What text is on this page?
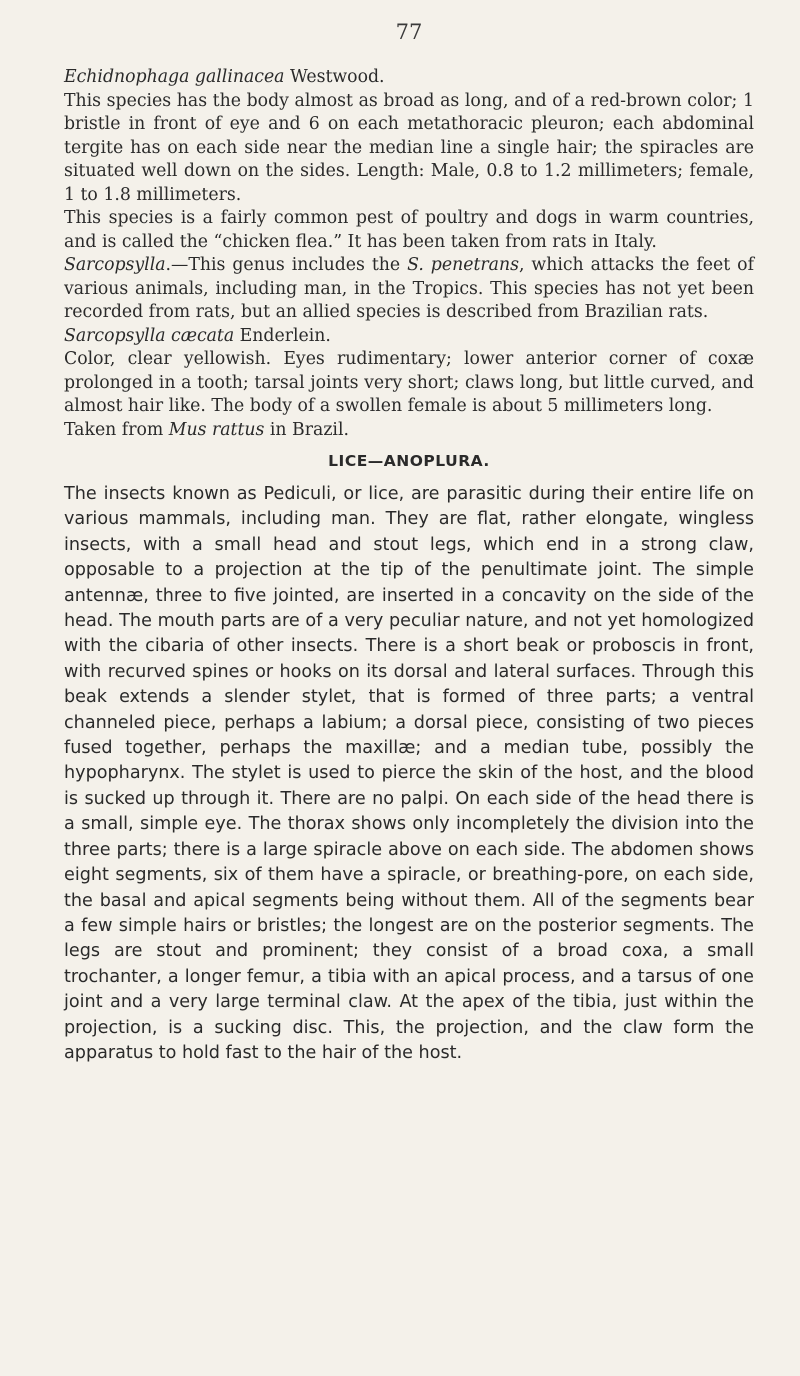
77

Echidnophaga gallinacea Westwood.

This species has the body almost as broad as long, and of a red-brown color; 1 bristle in front of eye and 6 on each metathoracic pleuron; each abdominal tergite has on each side near the median line a single hair; the spiracles are situated well down on the sides. Length: Male, 0.8 to 1.2 millimeters; female, 1 to 1.8 millimeters.

This species is a fairly common pest of poultry and dogs in warm countries, and is called the “chicken flea.” It has been taken from rats in Italy.

Sarcopsylla.—This genus includes the S. penetrans, which attacks the feet of various animals, including man, in the Tropics. This species has not yet been recorded from rats, but an allied species is described from Brazilian rats.

Sarcopsylla cæcata Enderlein.

Color, clear yellowish. Eyes rudimentary; lower anterior corner of coxæ prolonged in a tooth; tarsal joints very short; claws long, but little curved, and almost hair like. The body of a swollen female is about 5 millimeters long.

Taken from Mus rattus in Brazil.

LICE—ANOPLURA.

The insects known as Pediculi, or lice, are parasitic during their entire life on various mammals, including man. They are flat, rather elongate, wingless insects, with a small head and stout legs, which end in a strong claw, opposable to a projection at the tip of the penultimate joint. The simple antennæ, three to five jointed, are inserted in a concavity on the side of the head. The mouth parts are of a very peculiar nature, and not yet homologized with the cibaria of other insects. There is a short beak or proboscis in front, with recurved spines or hooks on its dorsal and lateral surfaces. Through this beak extends a slender stylet, that is formed of three parts; a ventral channeled piece, perhaps a labium; a dorsal piece, consisting of two pieces fused together, perhaps the maxillæ; and a median tube, possibly the hypopharynx. The stylet is used to pierce the skin of the host, and the blood is sucked up through it. There are no palpi. On each side of the head there is a small, simple eye. The thorax shows only incompletely the division into the three parts; there is a large spiracle above on each side. The abdomen shows eight segments, six of them have a spiracle, or breathing-pore, on each side, the basal and apical segments being without them. All of the segments bear a few simple hairs or bristles; the longest are on the posterior segments. The legs are stout and prominent; they consist of a broad coxa, a small trochanter, a longer femur, a tibia with an apical process, and a tarsus of one joint and a very large terminal claw. At the apex of the tibia, just within the projection, is a sucking disc. This, the projection, and the claw form the apparatus to hold fast to the hair of the host.
